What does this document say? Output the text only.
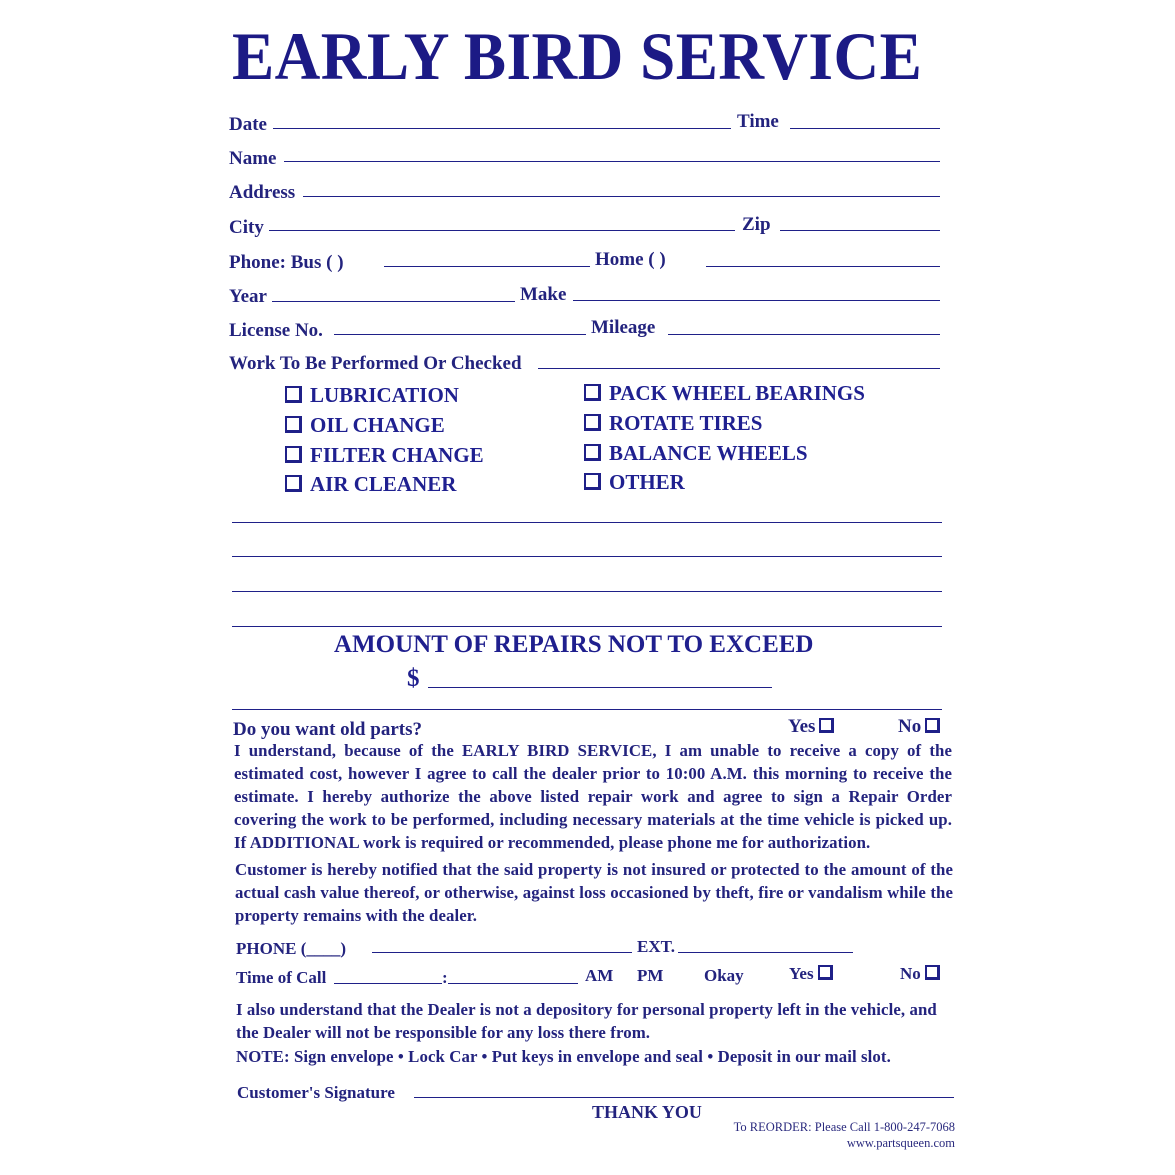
EARLY BIRD SERVICE
Date	Time
Name
Address
City	Zip
Phone: Bus ( )	Home ( )
Year	Make
License No.	Mileage
Work To Be Performed Or Checked
LUBRICATION
OIL CHANGE
FILTER CHANGE
AIR CLEANER
PACK WHEEL BEARINGS
ROTATE TIRES
BALANCE WHEELS
OTHER
AMOUNT OF REPAIRS NOT TO EXCEED
$
Do you want old parts?	Yes	No
I understand, because of the EARLY BIRD SERVICE, I am unable to receive a copy of the estimated cost, however I agree to call the dealer prior to 10:00 A.M. this morning to receive the estimate. I hereby authorize the above listed repair work and agree to sign a Repair Order covering the work to be performed, including necessary materials at the time vehicle is picked up. If ADDITIONAL work is required or recommended, please phone me for authorization.
Customer is hereby notified that the said property is not insured or protected to the amount of the actual cash value thereof, or otherwise, against loss occasioned by theft, fire or vandalism while the property remains with the dealer.
PHONE (____)	EXT.
Time of Call	:	AM PM Okay	Yes	No
I also understand that the Dealer is not a depository for personal property left in the vehicle, and the Dealer will not be responsible for any loss there from.
NOTE: Sign envelope • Lock Car • Put keys in envelope and seal • Deposit in our mail slot.
Customer's Signature
THANK YOU
To REORDER: Please Call 1-800-247-7068
www.partsqueen.com
